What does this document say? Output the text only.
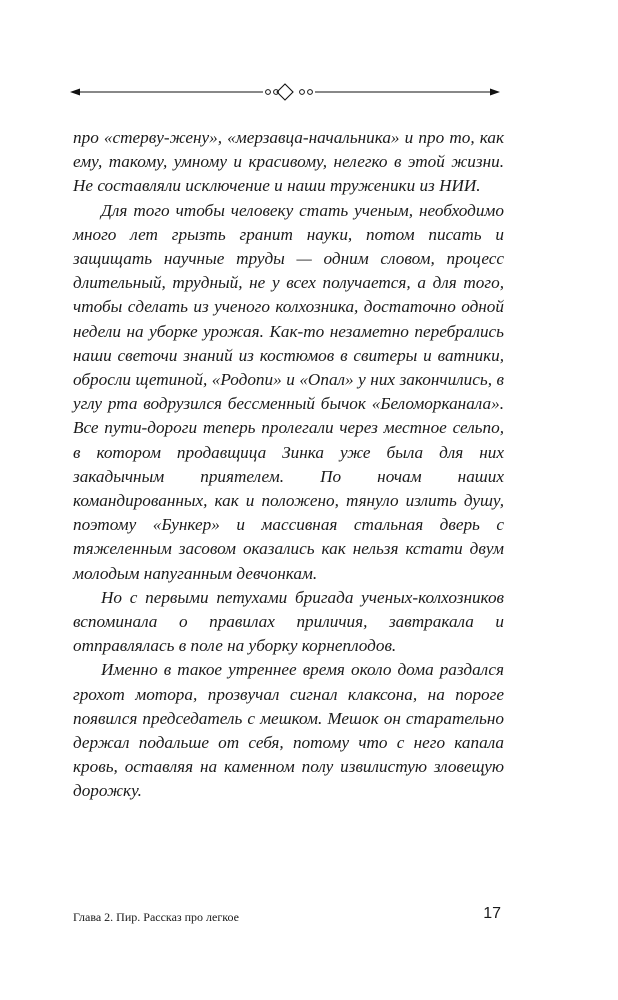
про «стерву-жену», «мерзавца-начальника» и про то, как ему, такому, умному и красивому, нелегко в этой жизни. Не составляли исключение и наши труженики из НИИ.

Для того чтобы человеку стать ученым, необходимо много лет грызть гранит науки, потом писать и защищать научные труды — одним словом, процесс длительный, трудный, не у всех получается, а для того, чтобы сделать из ученого колхозника, достаточно одной недели на уборке урожая. Как-то незаметно перебрались наши светочи знаний из костюмов в свитеры и ватники, обросли щетиной, «Родопи» и «Опал» у них закончились, в углу рта водрузился бессменный бычок «Беломорканала». Все пути-дороги теперь пролегали через местное сельпо, в котором продавщица Зинка уже была для них закадычным приятелем. По ночам наших командированных, как и положено, тянуло излить душу, поэтому «Бункер» и массивная стальная дверь с тяжеленным засовом оказались как нельзя кстати двум молодым напуганным девчонкам.

Но с первыми петухами бригада ученых-колхозников вспоминала о правилах приличия, завтракала и отправлялась в поле на уборку корнеплодов.

Именно в такое утреннее время около дома раздался грохот мотора, прозвучал сигнал клаксона, на пороге появился председатель с мешком. Мешок он старательно держал подальше от себя, потому что с него капала кровь, оставляя на каменном полу извилистую зловещую дорожку.

Глава 2. Пир. Рассказ про легкое	17
